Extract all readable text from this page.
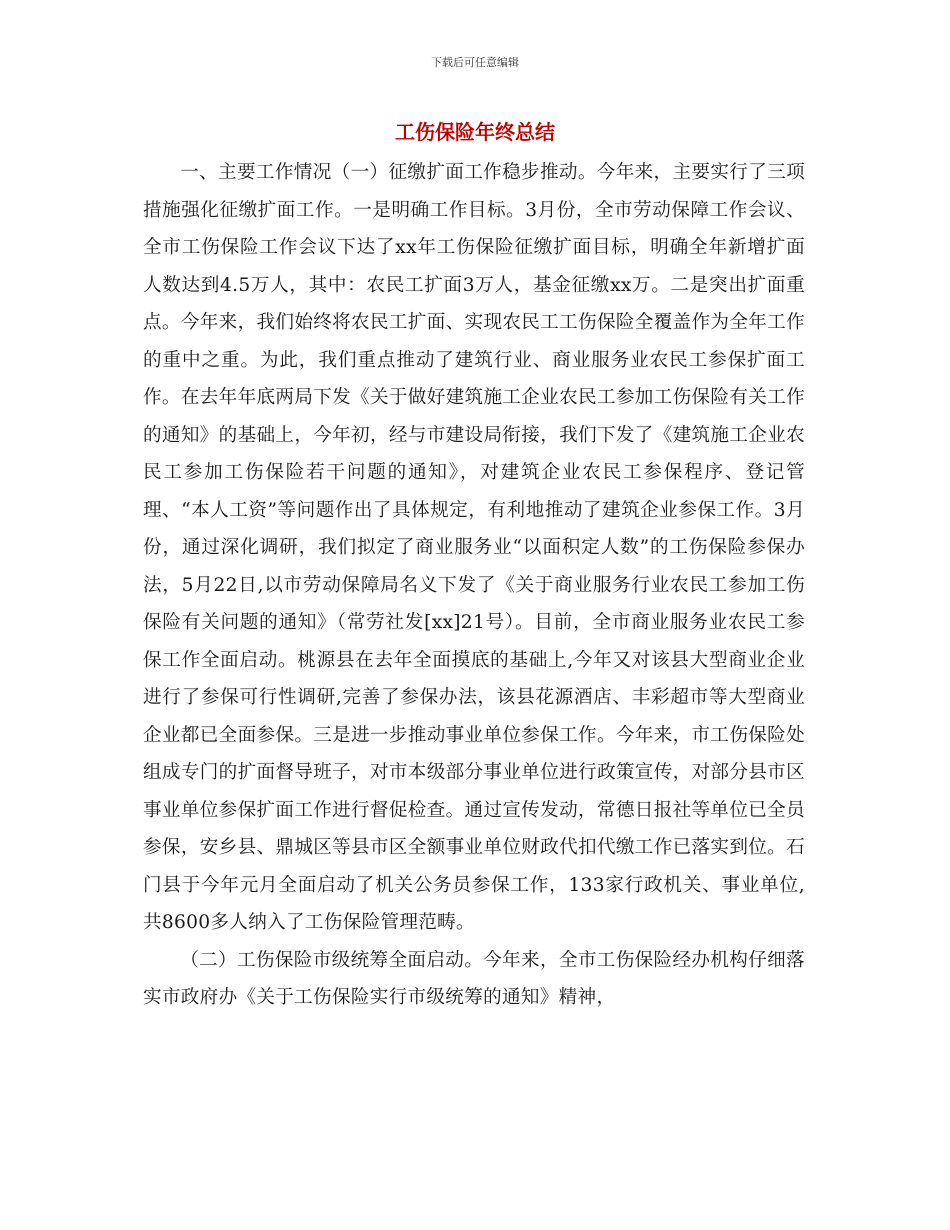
下载后可任意编辑
工伤保险年终总结

一、主要工作情况（一）征缴扩面工作稳步推动。今年来，主要实行了三项措施强化征缴扩面工作。一是明确工作目标。3月份，全市劳动保障工作会议、全市工伤保险工作会议下达了xx年工伤保险征缴扩面目标，明确全年新增扩面人数达到4.5万人，其中：农民工扩面3万人，基金征缴xx万。二是突出扩面重点。今年来，我们始终将农民工扩面、实现农民工工伤保险全覆盖作为全年工作的重中之重。为此，我们重点推动了建筑行业、商业服务业农民工参保扩面工作。在去年年底两局下发《关于做好建筑施工企业农民工参加工伤保险有关工作的通知》的基础上，今年初，经与市建设局衔接，我们下发了《建筑施工企业农民工参加工伤保险若干问题的通知》，对建筑企业农民工参保程序、登记管理、“本人工资”等问题作出了具体规定，有利地推动了建筑企业参保工作。3月份，通过深化调研，我们拟定了商业服务业“以面积定人数”的工伤保险参保办法，5月22日,以市劳动保障局名义下发了《关于商业服务行业农民工参加工伤保险有关问题的通知》（常劳社发[xx]21号）。目前，全市商业服务业农民工参保工作全面启动。桃源县在去年全面摸底的基础上,今年又对该县大型商业企业进行了参保可行性调研,完善了参保办法，该县花源酒店、丰彩超市等大型商业企业都已全面参保。三是进一步推动事业单位参保工作。今年来，市工伤保险处组成专门的扩面督导班子，对市本级部分事业单位进行政策宣传，对部分县市区事业单位参保扩面工作进行督促检查。通过宣传发动，常德日报社等单位已全员参保，安乡县、鼎城区等县市区全额事业单位财政代扣代缴工作已落实到位。石门县于今年元月全面启动了机关公务员参保工作，133家行政机关、事业单位,共8600多人纳入了工伤保险管理范畴。

（二）工伤保险市级统筹全面启动。今年来，全市工伤保险经办机构仔细落实市政府办《关于工伤保险实行市级统筹的通知》精神，
